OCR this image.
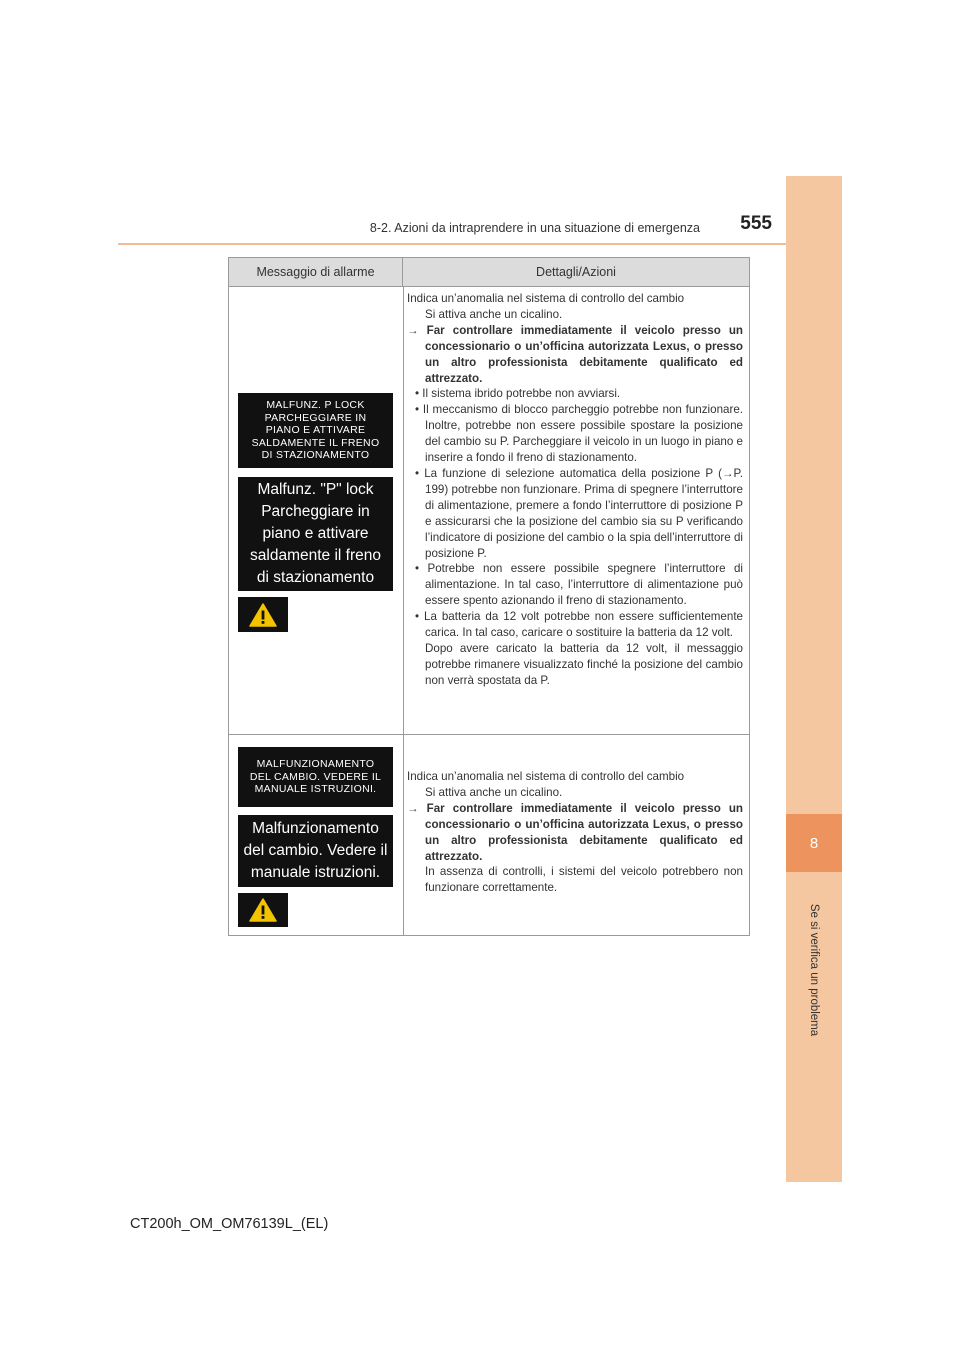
8
Se si verifica un problema
8-2. Azioni da intraprendere in una situazione di emergenza	555
Messaggio di allarme	Dettagli/Azioni
MALFUNZ. P LOCK
PARCHEGGIARE IN
PIANO E ATTIVARE
SALDAMENTE IL FRENO
DI STAZIONAMENTO
Malfunz. "P" lock
Parcheggiare in
piano e attivare
saldamente il freno
di stazionamento

Indica un’anomalia nel sistema di controllo del cambio

Si attiva anche un cicalino.

→ Far controllare immediatamente il veicolo presso un concessionario o un’officina autorizzata Lexus, o presso un altro professionista debitamente qualificato ed attrezzato.

• Il sistema ibrido potrebbe non avviarsi.

• Il meccanismo di blocco parcheggio potrebbe non funzionare. Inoltre, potrebbe non essere possibile spostare la posizione del cambio su P. Parcheggiare il veicolo in un luogo in piano e inserire a fondo il freno di stazionamento.

• La funzione di selezione automatica della posizione P (→P. 199) potrebbe non funzionare. Prima di spegnere l’interruttore di alimentazione, premere a fondo l’interruttore di posizione P e assicurarsi che la posizione del cambio sia su P verificando l’indicatore di posizione del cambio o la spia dell’interruttore di posizione P.

• Potrebbe non essere possibile spegnere l’interruttore di alimentazione. In tal caso, l’interruttore di alimentazione può essere spento azionando il freno di stazionamento.

• La batteria da 12 volt potrebbe non essere sufficientemente carica. In tal caso, caricare o sostituire la batteria da 12 volt.

Dopo avere caricato la batteria da 12 volt, il messaggio potrebbe rimanere visualizzato finché la posizione del cambio non verrà spostata da P.

MALFUNZIONAMENTO
DEL CAMBIO. VEDERE IL
MANUALE ISTRUZIONI.
Malfunzionamento
del cambio. Vedere il
manuale istruzioni.

Indica un’anomalia nel sistema di controllo del cambio

Si attiva anche un cicalino.

→ Far controllare immediatamente il veicolo presso un concessionario o un’officina autorizzata Lexus, o presso un altro professionista debitamente qualificato ed attrezzato.

In assenza di controlli, i sistemi del veicolo potrebbero non funzionare correttamente.

CT200h_OM_OM76139L_(EL)
